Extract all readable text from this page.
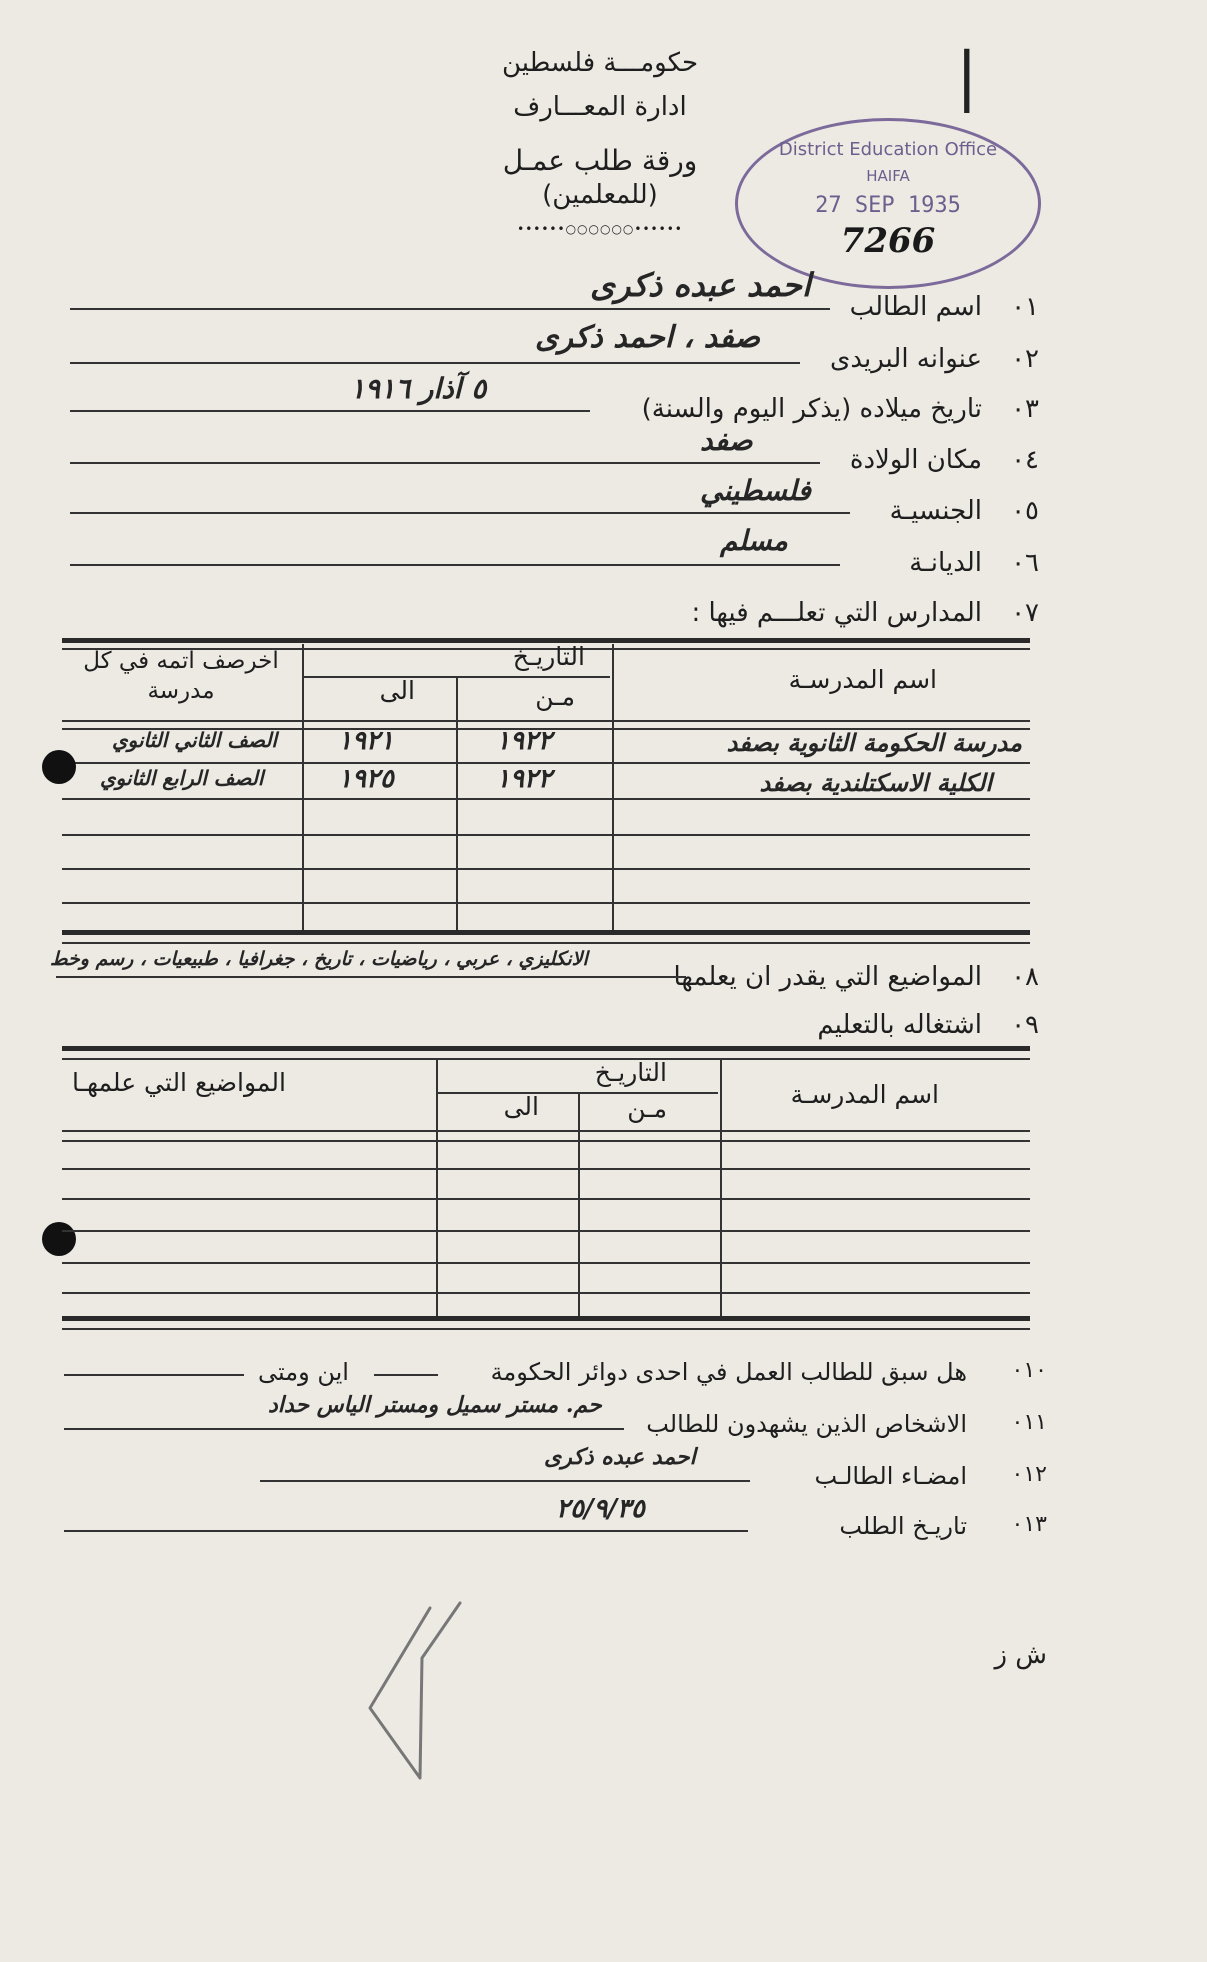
حكومـــة فلسطين
ادارة المعـــارف
ورقة طلب عمـل
(للمعلمين)
••••••○○○○○○••••••
|
District Education Office
HAIFA
27 SEP 1935
7266
٠١
اسم الطالب
احمد عبده ذكرى
٠٢
عنوانه البريدى
صفد ، احمد ذكرى
٠٣
تاريخ ميلاده (يذكر اليوم والسنة)
٥ آذار ١٩١٦
٠٤
مكان الولادة
صفد
٠٥
الجنسيـة
فلسطيني
٠٦
الديانـة
مسلم
٠٧
المدارس التي تعلـــم فيها :
اسم المدرسـة
التاريـخ
مـن
الى
اخرصف اتمه في كل مدرسة
مدرسة الحكومة الثانوية بصفد
١٩٢٢
١٩٢١
الصف الثاني الثانوي
الكلية الاسكتلندية بصفد
١٩٢٢
١٩٢٥
الصف الرابع الثانوي
٠٨
المواضيع التي يقدر ان يعلمها
الانكليزي ، عربي ، رياضيات ، تاريخ ، جغرافيا ، طبيعيات ، رسم وخط
٠٩
اشتغاله بالتعليم
اسم المدرسـة
التاريـخ
مـن
الى
المواضيع التي علمهـا
٠١٠
هل سبق للطالب العمل في احدى دوائر الحكومة
اين ومتى
٠١١
الاشخاص الذين يشهدون للطالب
حم. مستر سميل ومستر الياس حداد
٠١٢
امضـاء الطالـب
احمد عبده ذكرى
٠١٣
تاريـخ الطلب
٢٥/٩/٣٥
ش ز
